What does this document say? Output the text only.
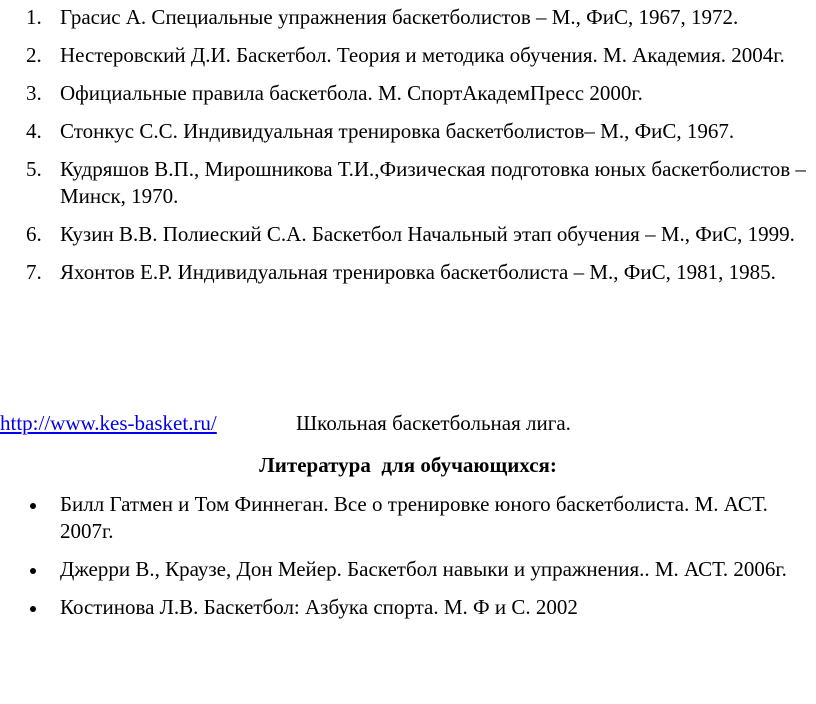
1. Грасис А. Специальные упражнения баскетболистов – М., ФиС, 1967, 1972.
2. Нестеровский Д.И. Баскетбол. Теория и методика обучения. М. Академия. 2004г.
3. Официальные правила баскетбола. М. СпортАкадемПресс 2000г.
4. Стонкус С.С. Индивидуальная тренировка баскетболистов– М., ФиС, 1967.
5. Кудряшов В.П., Мирошникова Т.И.,Физическая подготовка юных баскетболистов – Минск, 1970.
6. Кузин В.В. Полиеский С.А. Баскетбол Начальный этап обучения – М., ФиС, 1999.
7. Яхонтов Е.Р. Индивидуальная тренировка баскетболиста – М., ФиС, 1981, 1985.
http://www.kes-basket.ru/	Школьная баскетбольная лига.
Литература  для обучающихся:
Билл Гатмен и Том Финнеган. Все о тренировке юного баскетболиста. М. АСТ. 2007г.
Джерри В., Краузе, Дон Мейер. Баскетбол навыки и упражнения.. М. АСТ. 2006г.
Костинова Л.В. Баскетбол: Азбука спорта. М. Ф и С. 2002
